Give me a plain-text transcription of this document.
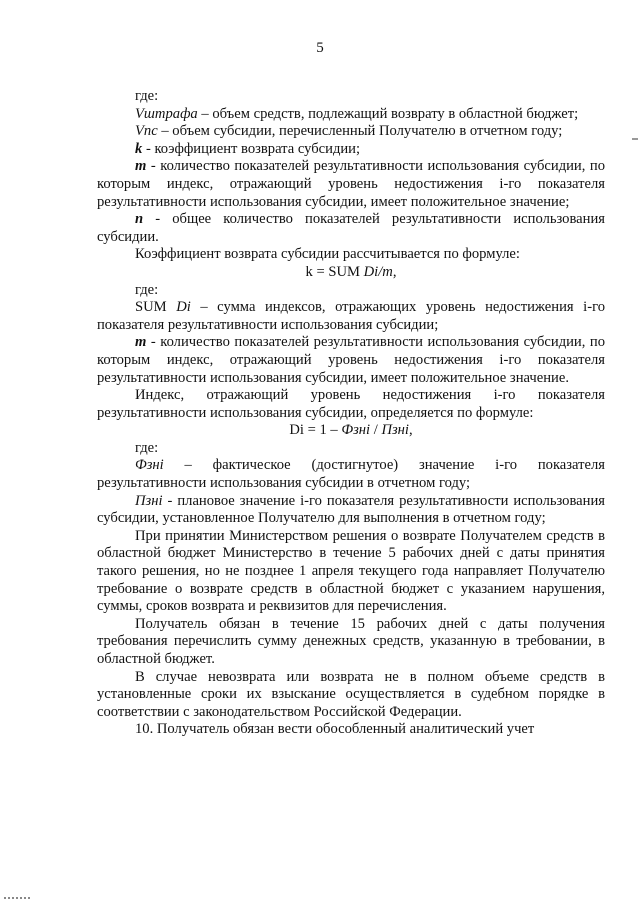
5

где:

Vштрафа – объем средств, подлежащий возврату в областной бюджет;

Vпс – объем субсидии, перечисленный Получателю в отчетном году;

k - коэффициент возврата субсидии;

т - количество показателей результативности использования субсидии, по которым индекс, отражающий уровень недостижения i-го показателя результативности использования субсидии, имеет положительное значение;

п - общее количество показателей результативности использования субсидии.

Коэффициент возврата субсидии рассчитывается по формуле:

k = SUM Di/m,

где:

SUM Di – сумма индексов, отражающих уровень недостижения i-го показателя результативности использования субсидии;

т - количество показателей результативности использования субсидии, по которым индекс, отражающий уровень недостижения i-го показателя результативности использования субсидии, имеет положительное значение.

Индекс, отражающий уровень недостижения i-го показателя результативности использования субсидии, определяется по формуле:

Di = 1 – Фзні / Пзні,

где:

Фзні – фактическое (достигнутое) значение i-го показателя результативности использования субсидии в отчетном году;

Пзні - плановое значение i-го показателя результативности использования субсидии, установленное Получателю для выполнения в отчетном году;

При принятии Министерством решения о возврате Получателем средств в областной бюджет Министерство в течение 5 рабочих дней с даты принятия такого решения, но не позднее 1 апреля текущего года направляет Получателю требование о возврате средств в областной бюджет с указанием нарушения, суммы, сроков возврата и реквизитов для перечисления.

Получатель обязан в течение 15 рабочих дней с даты получения требования перечислить сумму денежных средств, указанную в требовании, в областной бюджет.

В случае невозврата или возврата не в полном объеме средств в установленные сроки их взыскание осуществляется в судебном порядке в соответствии с законодательством Российской Федерации.

10. Получатель обязан вести обособленный аналитический учет
